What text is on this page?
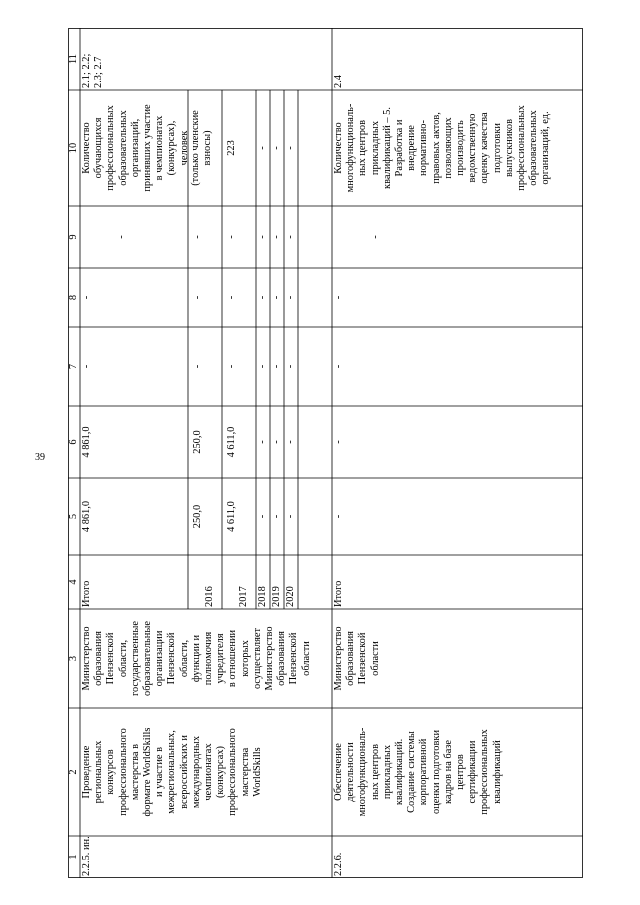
39
1
2
3
4
5
6
7
8
9
10
11
2.2.5. ин.
Проведение региональных конкурсов профессионального мастерства в формате WorldSkills и участие в межрегиональных, всероссийских и международных чемпионатах (конкурсах) профессионального мастерства WorldSkills
Министерство образования Пензенской области, государственные образовательные организации Пензенской области, функции и полномочия учредителя в отношении которых осуществляет Министерство образования Пензенской области
Итого
4 861,0
4 861,0
-
-
-
Количество обучающихся профессиональных образовательных организаций, принявших участие в чемпионатах (конкурсах), человек
2.1; 2.2; 2.3; 2.7
2016
250,0
250,0
-
-
-
(только членские взносы)
2017
4 611,0
4 611,0
-
-
-
223
2018
-
-
-
-
-
-
2019
-
-
-
-
-
-
2020
-
-
-
-
-
-
2.2.6.
Обеспечение деятельности многофункциональ- ных центров прикладных квалификаций. Создание системы корпоративной оценки подготовки кадров на базе центров сертификации профессиональных квалификаций
Министерство образования Пензенской области
Итого
-
-
-
-
-
Количество многофункциональ- ных центров прикладных квалификаций – 5. Разработка и внедрение нормативно- правовых актов, позволяющих производить ведомственную оценку качества подготовки выпускников профессиональных образовательных организаций, ед.
2.4
